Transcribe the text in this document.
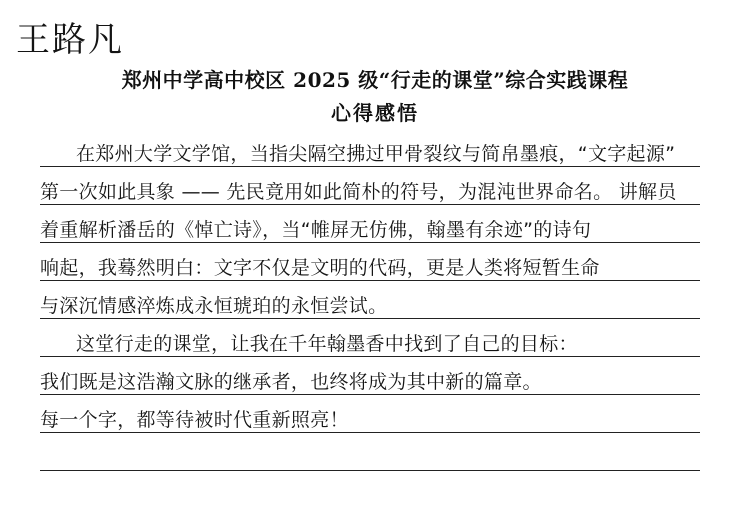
王路凡
郑州中学高中校区 2025 级“行走的课堂”综合实践课程
心得感悟
在郑州大学文学馆，当指尖隔空拂过甲骨裂纹与简帛墨痕，“文字起源”
第一次如此具象 —— 先民竟用如此简朴的符号，为混沌世界命名。 讲解员
着重解析潘岳的《悼亡诗》，当“帷屏无仿佛，翰墨有余迹”的诗句
响起，我蓦然明白：文字不仅是文明的代码，更是人类将短暂生命
与深沉情感淬炼成永恒琥珀的永恒尝试。
这堂行走的课堂，让我在千年翰墨香中找到了自己的目标：
我们既是这浩瀚文脉的继承者，也终将成为其中新的篇章。
每一个字，都等待被时代重新照亮！
